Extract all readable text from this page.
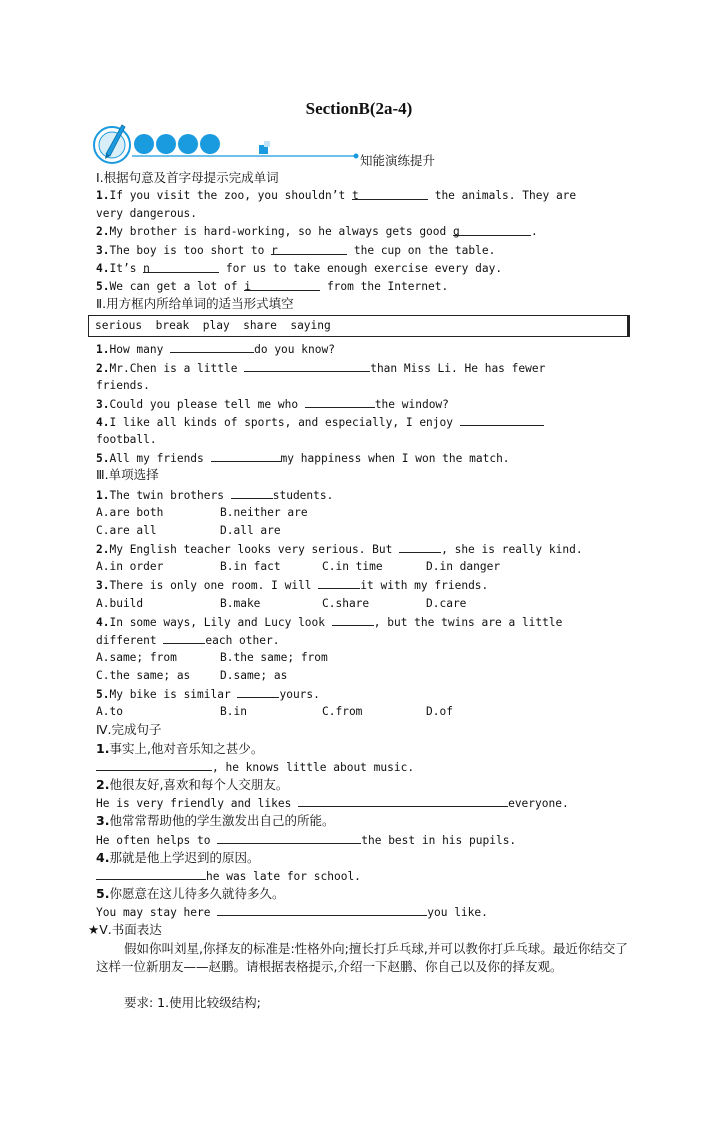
SectionB(2a-4)
知能演练提升
Ⅰ.根据句意及首字母提示完成单词
1.If you visit the zoo, you shouldn’t t	the animals. They are
very dangerous.
2.My brother is hard-working, so he always gets good g	.
3.The boy is too short to r	the cup on the table.
4.It’s n	for us to take enough exercise every day.
5.We can get a lot of i	from the Internet.
Ⅱ.用方框内所给单词的适当形式填空
serious  break  play  share  saying
1.How many	do you know?
2.Mr.Chen is a little	than Miss Li. He has fewer
friends.
3.Could you please tell me who	the window?
4.I like all kinds of sports, and especially, I enjoy
football.
5.All my friends	my happiness when I won the match.
Ⅲ.单项选择
1.The twin brothers	students.
A.are both	B.neither are
C.are all	D.all are
2.My English teacher looks very serious. But	, she is really kind.
A.in order	B.in fact	C.in time	D.in danger
3.There is only one room. I will	it with my friends.
A.build	B.make	C.share	D.care
4.In some ways, Lily and Lucy look	, but the twins are a little
different	each other.
A.same; from	B.the same; from
C.the same; as	D.same; as
5.My bike is similar	yours.
A.to	B.in	C.from	D.of
Ⅳ.完成句子
1.事实上,他对音乐知之甚少。
, he knows little about music.
2.他很友好,喜欢和每个人交朋友。
He is very friendly and likes	everyone.
3.他常常帮助他的学生激发出自己的所能。
He often helps to	the best in his pupils.
4.那就是他上学迟到的原因。
he was late for school.
5.你愿意在这儿待多久就待多久。
You may stay here	you like.
★Ⅴ.书面表达
假如你叫刘星,你择友的标准是:性格外向;擅长打乒乓球,并可以教你打乒乓球。最近你结交了这样一位新朋友——赵鹏。请根据表格提示,介绍一下赵鹏、你自己以及你的择友观。
要求: 1.使用比较级结构;
